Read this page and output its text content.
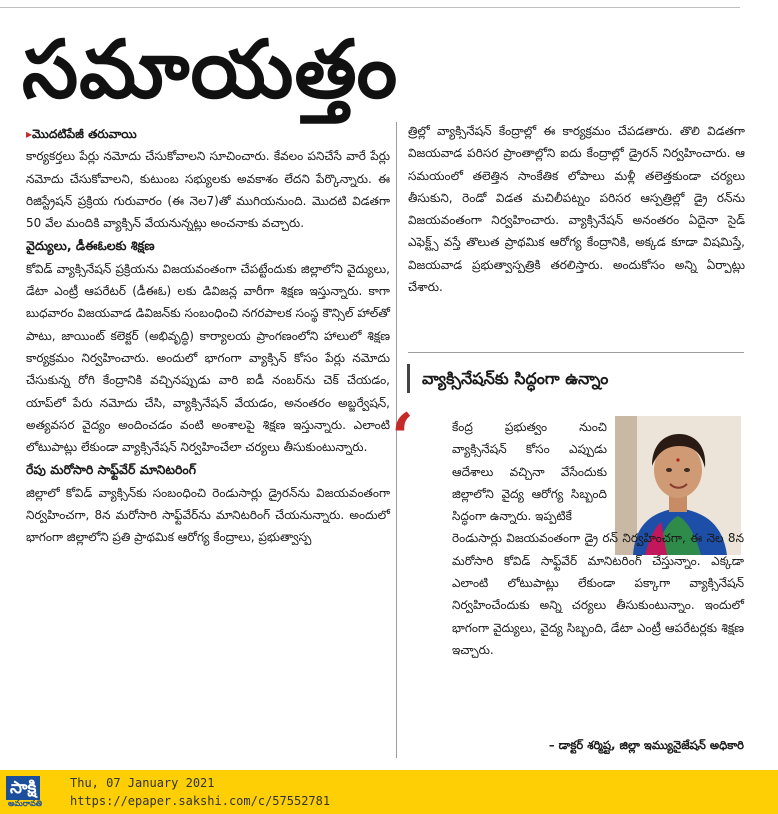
సమాయత్తం

▸మొదటిపేజీ తరువాయి

కార్యకర్తలు పేర్లు నమోదు చేసుకోవాలని సూచించారు. కేవలం పనిచేసే వారే పేర్లు నమోదు చేసుకోవాలని, కుటుంబ సభ్యులకు అవకాశం లేదని పేర్కొన్నారు. ఈ రిజిస్ట్రేషన్ ప్రక్రియ గురువారం (ఈ నెల7)తో ముగియనుంది. మొదటి విడతగా 50 వేల మందికి వ్యాక్సిన్ వేయనున్నట్లు అంచనాకు వచ్చారు.

వైద్యులు, డీఈఓలకు శిక్షణ

కోవిడ్ వ్యాక్సినేషన్ ప్రక్రియను విజయవంతంగా చేపట్టేందుకు జిల్లాలోని వైద్యులు, డేటా ఎంట్రీ ఆపరేటర్ (డీఈఓ) లకు డివిజన్ల వారీగా శిక్షణ ఇస్తున్నారు. కాగా బుధవారం విజయవాడ డివిజన్‌కు సంబంధించి నగరపాలక సంస్థ కౌన్సిల్ హాల్‌తో పాటు, జాయింట్ కలెక్టర్ (అభివృద్ధి) కార్యాలయ ప్రాంగణంలోని హాలులో శిక్షణ కార్యక్రమం నిర్వహించారు. అందులో భాగంగా వ్యాక్సిన్ కోసం పేర్లు నమోదు చేసుకున్న రోగి కేంద్రానికి వచ్చినప్పుడు వారి ఐడీ నంబర్‌ను చెక్ చేయడం, యాప్‌లో పేరు నమోదు చేసి, వ్యాక్సినేషన్ వేయడం, అనంతరం అబ్జర్వేషన్, అత్యవసర వైద్యం అందించడం వంటి అంశాలపై శిక్షణ ఇస్తున్నారు. ఎలాంటి లోటుపాట్లు లేకుండా వ్యాక్సినేషన్ నిర్వహించేలా చర్యలు తీసుకుంటున్నారు.

రేపు మరోసారి సాఫ్ట్‌వేర్ మానిటరింగ్

జిల్లాలో కోవిడ్ వ్యాక్సిన్‌కు సంబంధించి రెండుసార్లు డ్రైరన్‌ను విజయవంతంగా నిర్వహించగా, 8న మరోసారి సాఫ్ట్‌వేర్‌ను మానిటరింగ్ చేయనున్నారు. అందులో భాగంగా జిల్లాలోని ప్రతి ప్రాథమిక ఆరోగ్య కేంద్రాలు, ప్రభుత్వాస్ప

త్రిల్లో వ్యాక్సినేషన్ కేంద్రాల్లో ఈ కార్యక్రమం చేపడతారు. తొలి విడతగా విజయవాడ పరిసర ప్రాంతాల్లోని ఐదు కేంద్రాల్లో డ్రైరన్ నిర్వహించారు. ఆ సమయంలో తలెత్తిన సాంకేతిక లోపాలు మళ్లీ తలెత్తకుండా చర్యలు తీసుకుని, రెండో విడత మచిలీపట్నం పరిసర ఆస్పత్రిల్లో డ్రై రన్‌ను విజయవంతంగా నిర్వహించారు. వ్యాక్సినేషన్ అనంతరం ఏదైనా సైడ్ ఎఫెక్ట్స్ వస్తే తొలుత ప్రాథమిక ఆరోగ్య కేంద్రానికి, అక్కడ కూడా విషమిస్తే, విజయవాడ ప్రభుత్వాస్పత్రికి తరలిస్తారు. అందుకోసం అన్ని ఏర్పాట్లు చేశారు.

వ్యాక్సినేషన్‌కు సిద్ధంగా ఉన్నాం
‘	కేంద్ర ప్రభుత్వం నుంచి వ్యాక్సినేషన్ కోసం ఎప్పుడు ఆదేశాలు వచ్చినా వేసేందుకు జిల్లాలోని వైద్య ఆరోగ్య సిబ్బంది సిద్ధంగా ఉన్నారు. ఇప్పటికే
రెండుసార్లు విజయవంతంగా డ్రై రన్ నిర్వహించగా, ఈ నెల 8న మరోసారి కోవిడ్ సాఫ్ట్‌వేర్ మానిటరింగ్ చేస్తున్నాం. ఎక్కడా ఎలాంటి లోటుపాట్లు లేకుండా పక్కాగా వ్యాక్సినేషన్ నిర్వహించేందుకు అన్ని చర్యలు తీసుకుంటున్నాం. ఇందులో భాగంగా వైద్యులు, వైద్య సిబ్బంది, డేటా ఎంట్రీ ఆపరేటర్లకు శిక్షణ ఇచ్చారు.
– డాక్టర్ శర్మిష్ట, జిల్లా ఇమ్యునైజేషన్ అధికారి
సాక్షి
అమరావతి
Thu, 07 January 2021
https://epaper.sakshi.com/c/57552781
